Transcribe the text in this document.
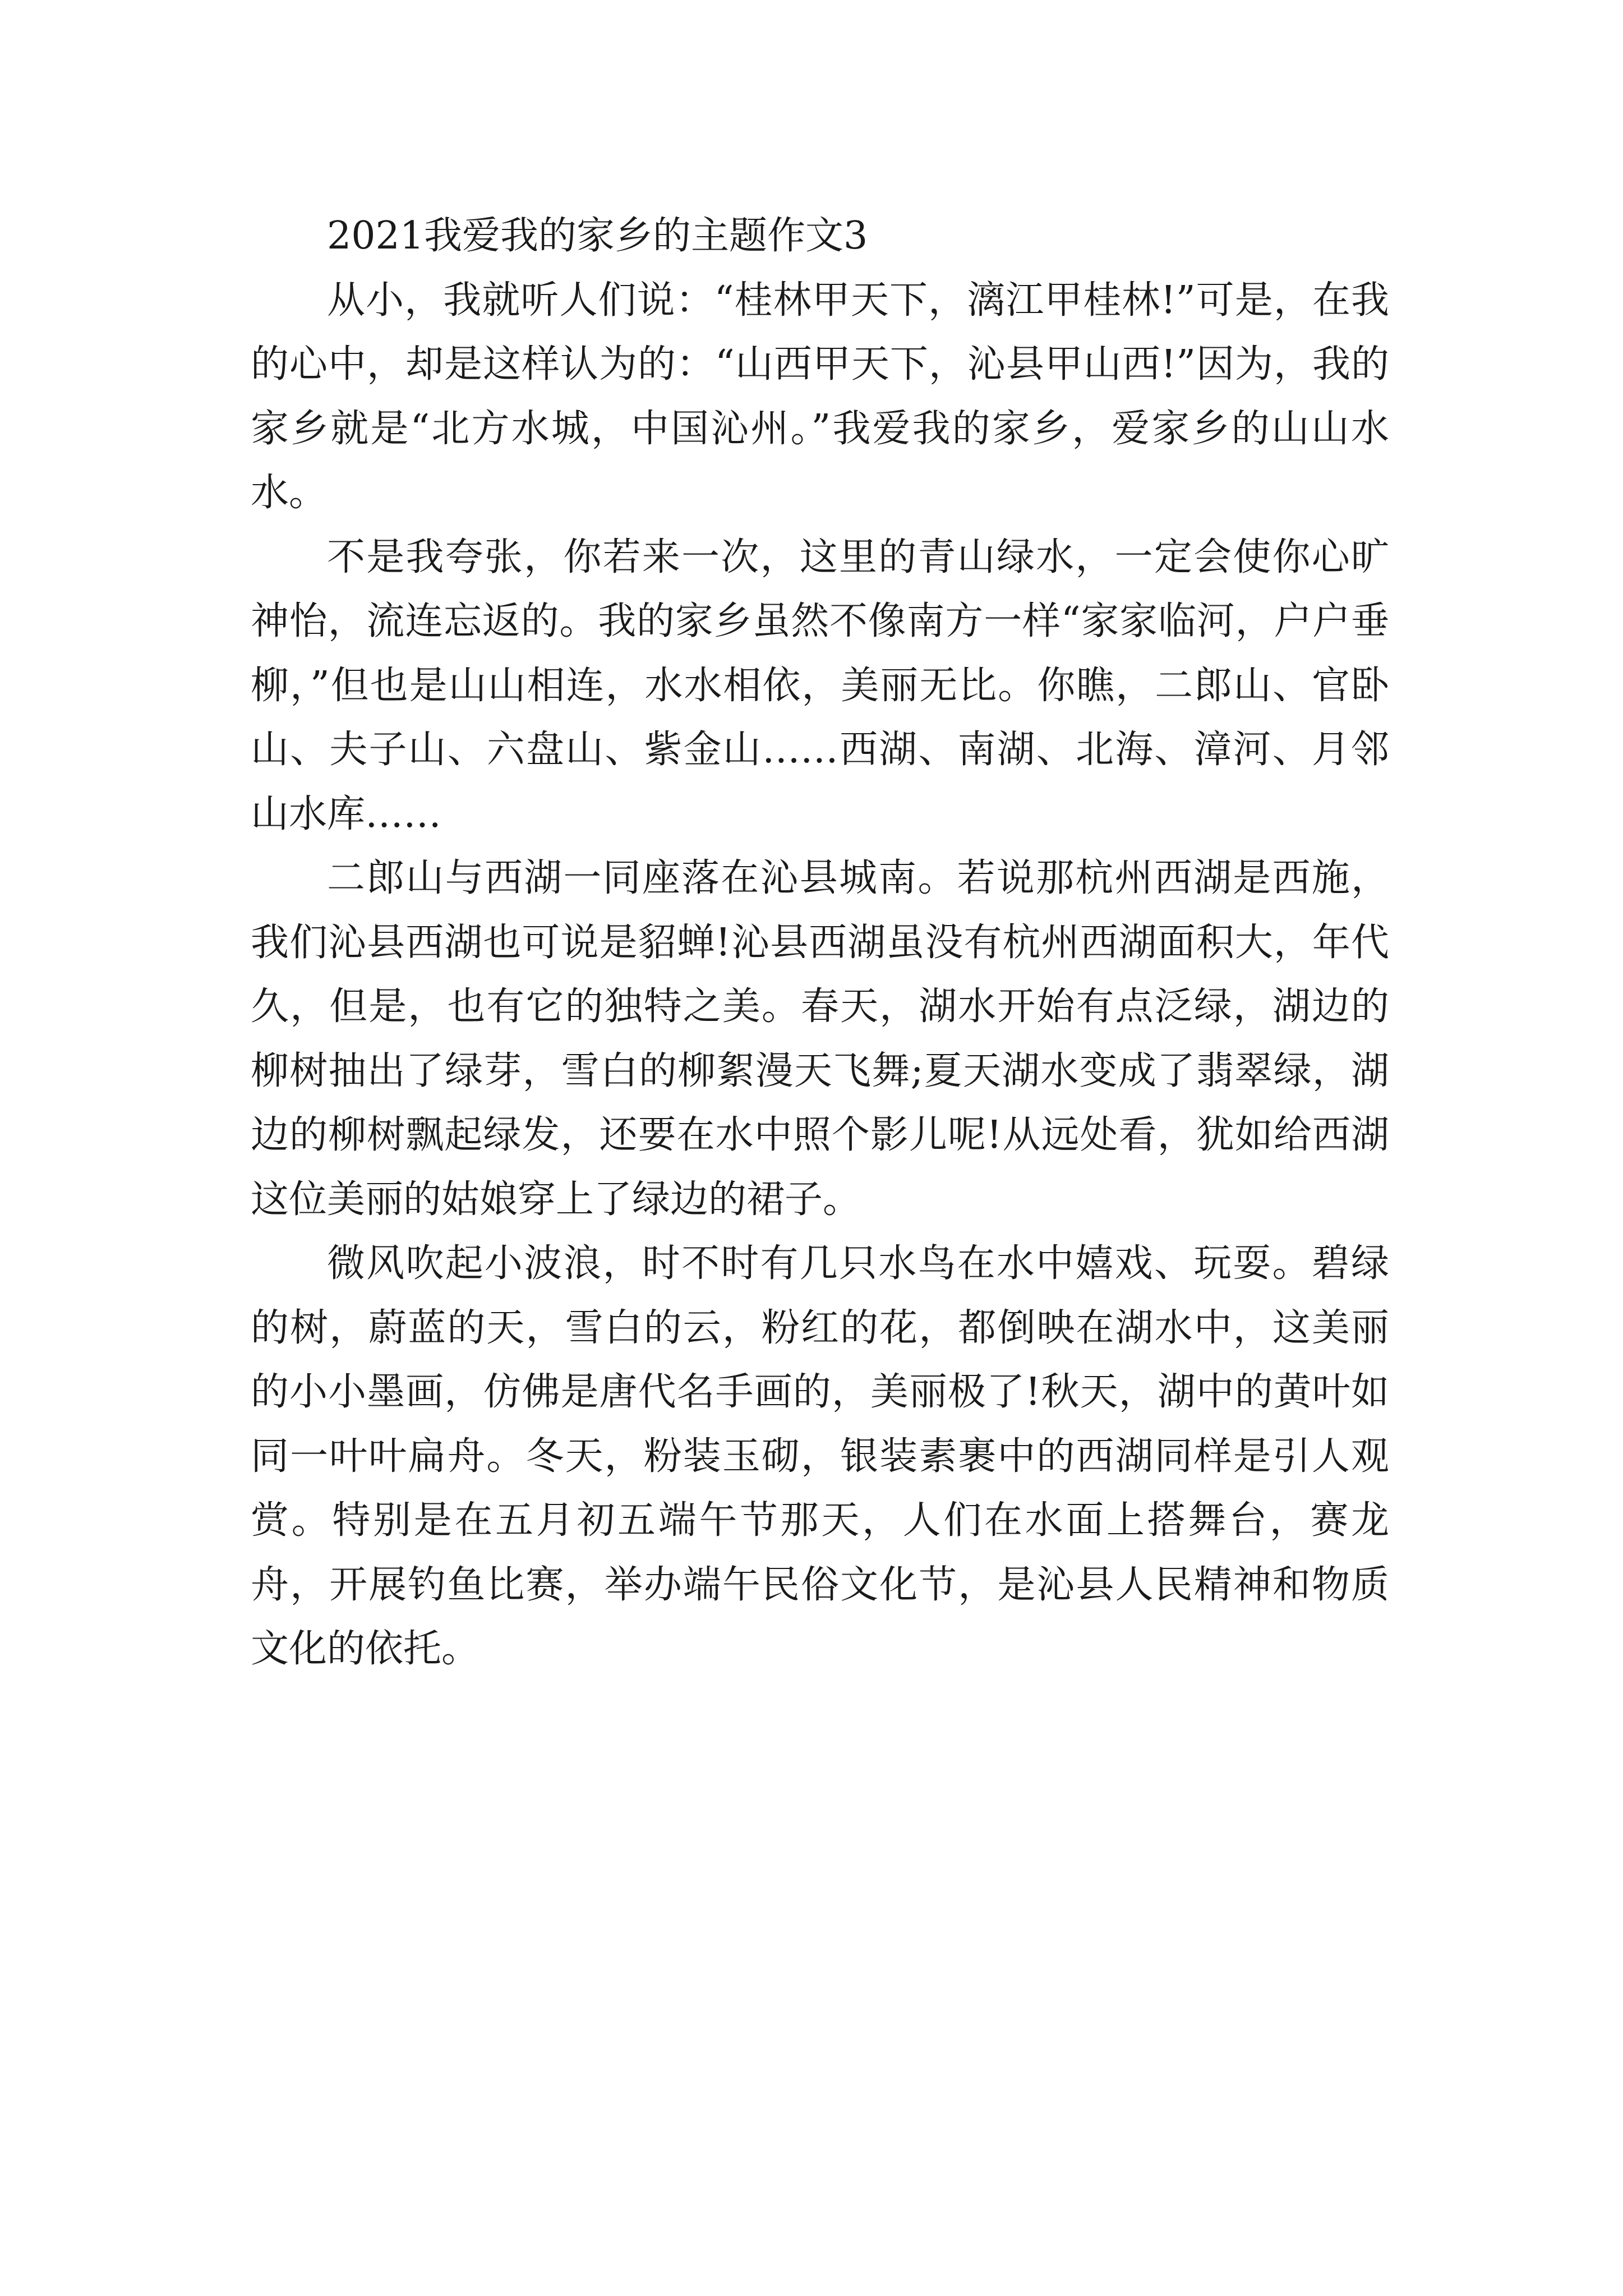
2021我爱我的家乡的主题作文3

从小，我就听人们说：“桂林甲天下，漓江甲桂林!”可是，在我的心中，却是这样认为的：“山西甲天下，沁县甲山西!”因为，我的家乡就是“北方水城，中国沁州。”我爱我的家乡，爱家乡的山山水水。

不是我夸张，你若来一次，这里的青山绿水，一定会使你心旷神怡，流连忘返的。我的家乡虽然不像南方一样“家家临河，户户垂柳，”但也是山山相连，水水相依，美丽无比。你瞧，二郎山、官卧山、夫子山、六盘山、紫金山……西湖、南湖、北海、漳河、月邻山水库……

二郎山与西湖一同座落在沁县城南。若说那杭州西湖是西施，我们沁县西湖也可说是貂蝉!沁县西湖虽没有杭州西湖面积大，年代久，但是，也有它的独特之美。春天，湖水开始有点泛绿，湖边的柳树抽出了绿芽，雪白的柳絮漫天飞舞;夏天湖水变成了翡翠绿，湖边的柳树飘起绿发，还要在水中照个影儿呢!从远处看，犹如给西湖这位美丽的姑娘穿上了绿边的裙子。

微风吹起小波浪，时不时有几只水鸟在水中嬉戏、玩耍。碧绿的树，蔚蓝的天，雪白的云，粉红的花，都倒映在湖水中，这美丽的小小墨画，仿佛是唐代名手画的，美丽极了!秋天，湖中的黄叶如同一叶叶扁舟。冬天，粉装玉砌，银装素裹中的西湖同样是引人观赏。特别是在五月初五端午节那天，人们在水面上搭舞台，赛龙舟，开展钓鱼比赛，举办端午民俗文化节，是沁县人民精神和物质文化的依托。
